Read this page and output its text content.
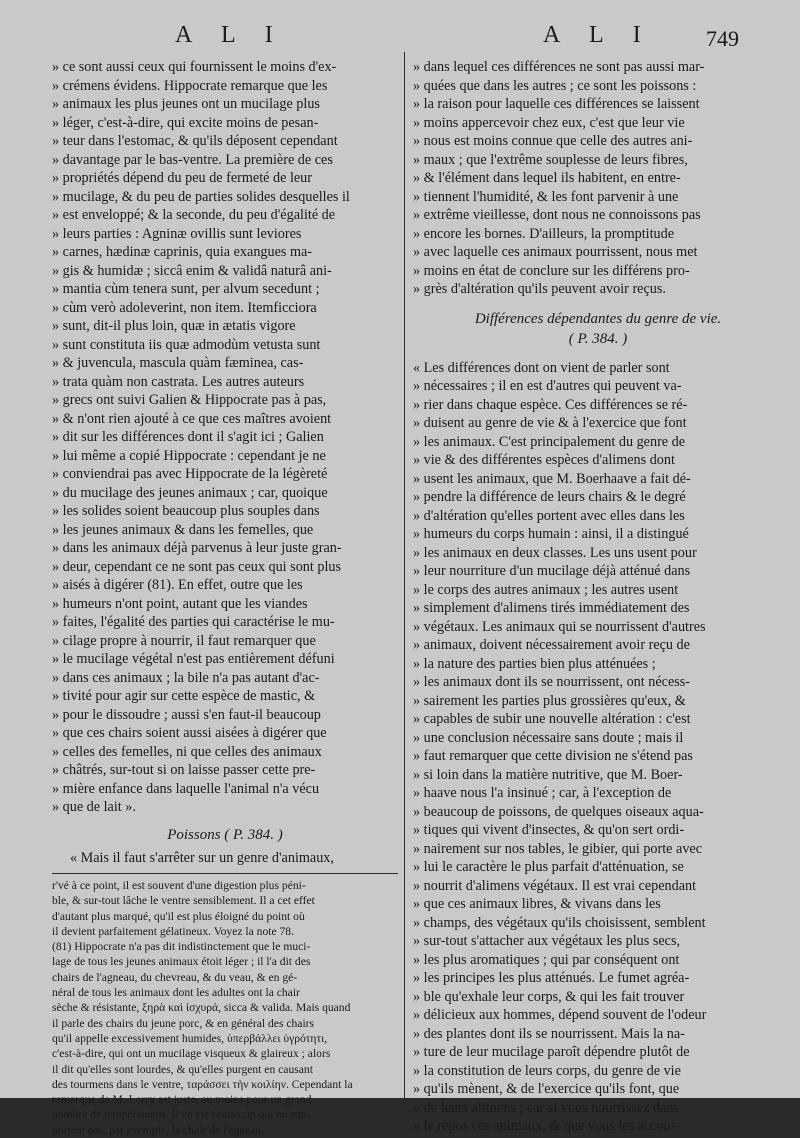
A L I	A L I 749
» ce sont aussi ceux qui fournissent le moins d'ex-
» crémens évidens. Hippocrate remarque que les
» animaux les plus jeunes ont un mucilage plus
» léger, c'est-à-dire, qui excite moins de pesan-
» teur dans l'estomac, & qu'ils déposent cependant
» davantage par le bas-ventre. La première de ces
» propriétés dépend du peu de fermeté de leur
» mucilage, & du peu de parties solides desquelles il
» est enveloppé; & la seconde, du peu d'égalité de
» leurs parties : Agninæ ovillis sunt leviores
» carnes, hædinæ caprinis, quia exangues ma-
» gis & humidæ ; siccâ enim & validâ naturâ ani-
» mantia cùm tenera sunt, per alvum secedunt ;
» cùm verò adoleverint, non item. Itemficciora
» sunt, dit-il plus loin, quæ in ætatis vigore
» sunt constituta iis quæ admodùm vetusta sunt
» & juvencula, mascula quàm fæminea, cas-
» trata quàm non castrata. Les autres auteurs
» grecs ont suivi Galien & Hippocrate pas à pas,
» & n'ont rien ajouté à ce que ces maîtres avoient
» dit sur les différences dont il s'agit ici ; Galien
» lui même a copié Hippocrate : cependant je ne
» conviendrai pas avec Hippocrate de la légèreté
» du mucilage des jeunes animaux ; car, quoique
» les solides soient beaucoup plus souples dans
» les jeunes animaux & dans les femelles, que
» dans les animaux déjà parvenus à leur juste gran-
» deur, cependant ce ne sont pas ceux qui sont plus
» aisés à digérer (81). En effet, outre que les
» humeurs n'ont point, autant que les viandes
» faites, l'égalité des parties qui caractérise le mu-
» cilage propre à nourrir, il faut remarquer que
» le mucilage végétal n'est pas entièrement défuni
» dans ces animaux ; la bile n'a pas autant d'ac-
» tivité pour agir sur cette espèce de mastic, &
» pour le dissoudre ; aussi s'en faut-il beaucoup
» que ces chairs soient aussi aisées à digérer que
» celles des femelles, ni que celles des animaux
» châtrés, sur-tout si on laisse passer cette pre-
» mière enfance dans laquelle l'animal n'a vécu
» que de lait ».
Poissons ( P. 384. )
« Mais il faut s'arrêter sur un genre d'animaux,
r'vé à ce point, il est souvent d'une digestion plus péni-
ble, & sur-tout lâche le ventre sensiblement. Il a cet effet
d'autant plus marqué, qu'il est plus éloigné du point où
il devient parfaitement gélatineux. Voyez la note 78.
(81) Hippocrate n'a pas dit indistinctement que le muci-
lage de tous les jeunes animaux étoit léger ; il l'a dit des
chairs de l'agneau, du chevreau, & du veau, & en gé-
néral de tous les animaux dont les adultes ont la chair
sèche & résistante, ξηρὰ καὶ ἰσχυρά, sicca & valida. Mais quand
il parle des chairs du jeune porc, & en général des chairs
qu'il appelle excessivement humides, ὑπερβάλλει ὑγρότητι,
c'est-à-dire, qui ont un mucilage visqueux & glaireux ; alors
il dit qu'elles sont lourdes, & qu'elles purgent en causant
des tourmens dans le ventre, ταράσσει τὴν κοιλίην. Cependant la
remarque de M. Lorry est juste, au moins pour un grand
nombre de tempéramens. Il en est beaucoup qui ne sup-
portent pas, par exemple, la chair de l'agneau,
» dans lequel ces différences ne sont pas aussi mar-
» quées que dans les autres ; ce sont les poissons :
» la raison pour laquelle ces différences se laissent
» moins appercevoir chez eux, c'est que leur vie
» nous est moins connue que celle des autres ani-
» maux ; que l'extrême souplesse de leurs fibres,
» & l'élément dans lequel ils habitent, en entre-
» tiennent l'humidité, & les font parvenir à une
» extrême vieillesse, dont nous ne connoissons pas
» encore les bornes. D'ailleurs, la promptitude
» avec laquelle ces animaux pourrissent, nous met
» moins en état de conclure sur les différens pro-
» grès d'altération qu'ils peuvent avoir reçus.
Différences dépendantes du genre de vie.
( P. 384. )
« Les différences dont on vient de parler sont
» nécessaires ; il en est d'autres qui peuvent va-
» rier dans chaque espèce. Ces différences se ré-
» duisent au genre de vie & à l'exercice que font
» les animaux. C'est principalement du genre de
» vie & des différentes espèces d'alimens dont
» usent les animaux, que M. Boerhaave a fait dé-
» pendre la différence de leurs chairs & le degré
» d'altération qu'elles portent avec elles dans les
» humeurs du corps humain : ainsi, il a distingué
» les animaux en deux classes. Les uns usent pour
» leur nourriture d'un mucilage déjà atténué dans
» le corps des autres animaux ; les autres usent
» simplement d'alimens tirés immédiatement des
» végétaux. Les animaux qui se nourrissent d'autres
» animaux, doivent nécessairement avoir reçu de
» la nature des parties bien plus atténuées ;
» les animaux dont ils se nourrissent, ont nécess-
» sairement les parties plus grossières qu'eux, &
» capables de subir une nouvelle altération : c'est
» une conclusion nécessaire sans doute ; mais il
» faut remarquer que cette division ne s'étend pas
» si loin dans la matière nutritive, que M. Boer-
» haave nous l'a insinué ; car, à l'exception de
» beaucoup de poissons, de quelques oiseaux aqua-
» tiques qui vivent d'insectes, & qu'on sert ordi-
» nairement sur nos tables, le gibier, qui porte avec
» lui le caractère le plus parfait d'atténuation, se
» nourrit d'alimens végétaux. Il est vrai cependant
» que ces animaux libres, & vivans dans les
» champs, des végétaux qu'ils choisissent, semblent
» sur-tout s'attacher aux végétaux les plus secs,
» les plus aromatiques ; qui par conséquent ont
» les principes les plus atténués. Le fumet agréa-
» ble qu'exhale leur corps, & qui les fait trouver
» délicieux aux hommes, dépend souvent de l'odeur
» des plantes dont ils se nourrissent. Mais la na-
» ture de leur mucilage paroît dépendre plutôt de
» la constitution de leurs corps, du genre de vie
» qu'ils mènent, & de l'exercice qu'ils font, que
» de leurs alimens ; car si vous nourrissez dans
» le repos ces animaux, & que vous les accou-
